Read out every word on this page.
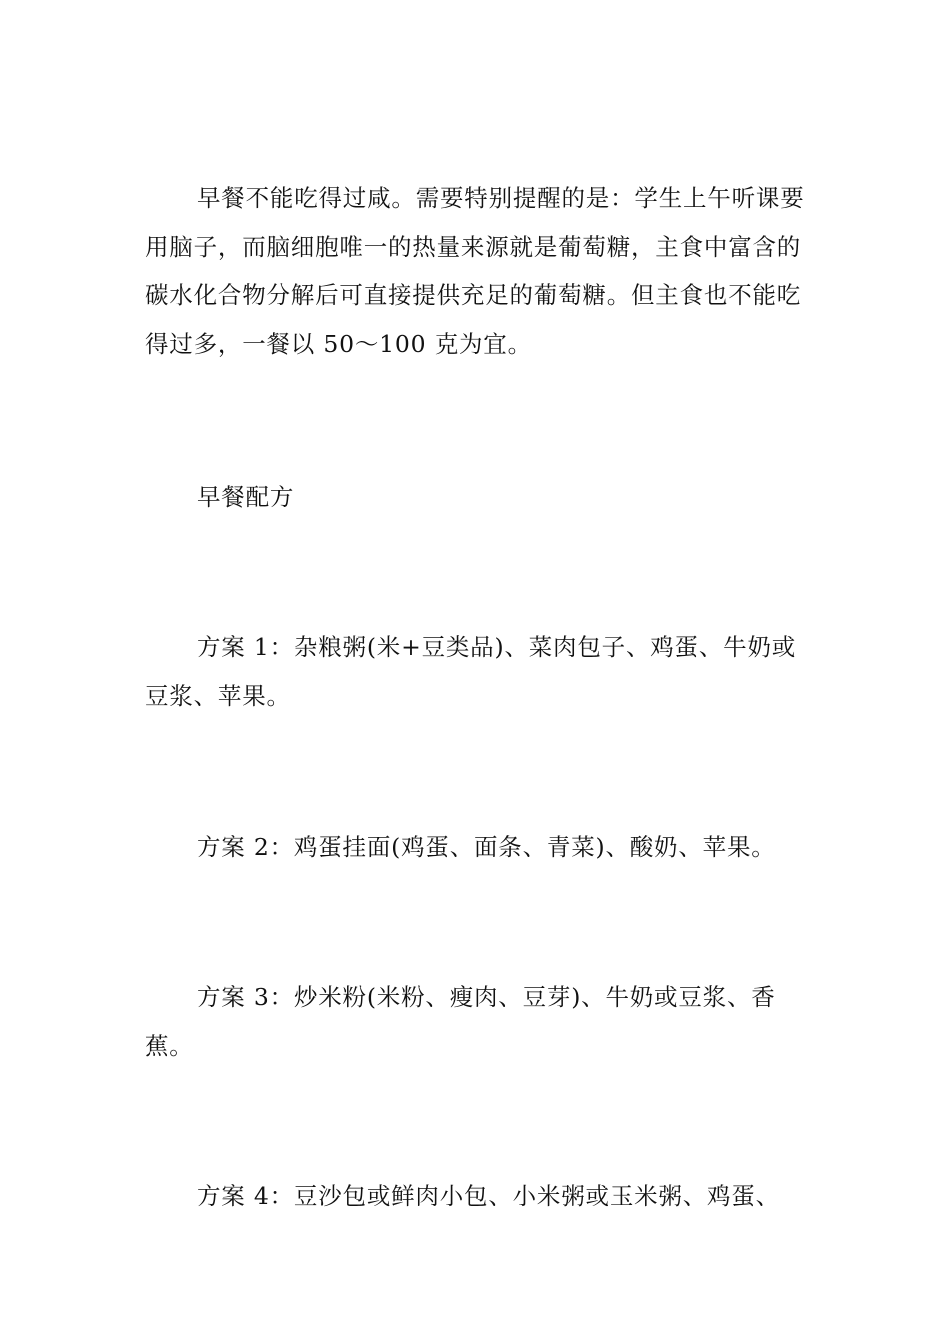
早餐不能吃得过咸。需要特别提醒的是：学生上午听课要用脑子，而脑细胞唯一的热量来源就是葡萄糖，主食中富含的碳水化合物分解后可直接提供充足的葡萄糖。但主食也不能吃得过多，一餐以 50～100 克为宜。

早餐配方

方案 1：杂粮粥(米+豆类品)、菜肉包子、鸡蛋、牛奶或豆浆、苹果。

方案 2：鸡蛋挂面(鸡蛋、面条、青菜)、酸奶、苹果。

方案 3：炒米粉(米粉、瘦肉、豆芽)、牛奶或豆浆、香蕉。

方案 4：豆沙包或鲜肉小包、小米粥或玉米粥、鸡蛋、
